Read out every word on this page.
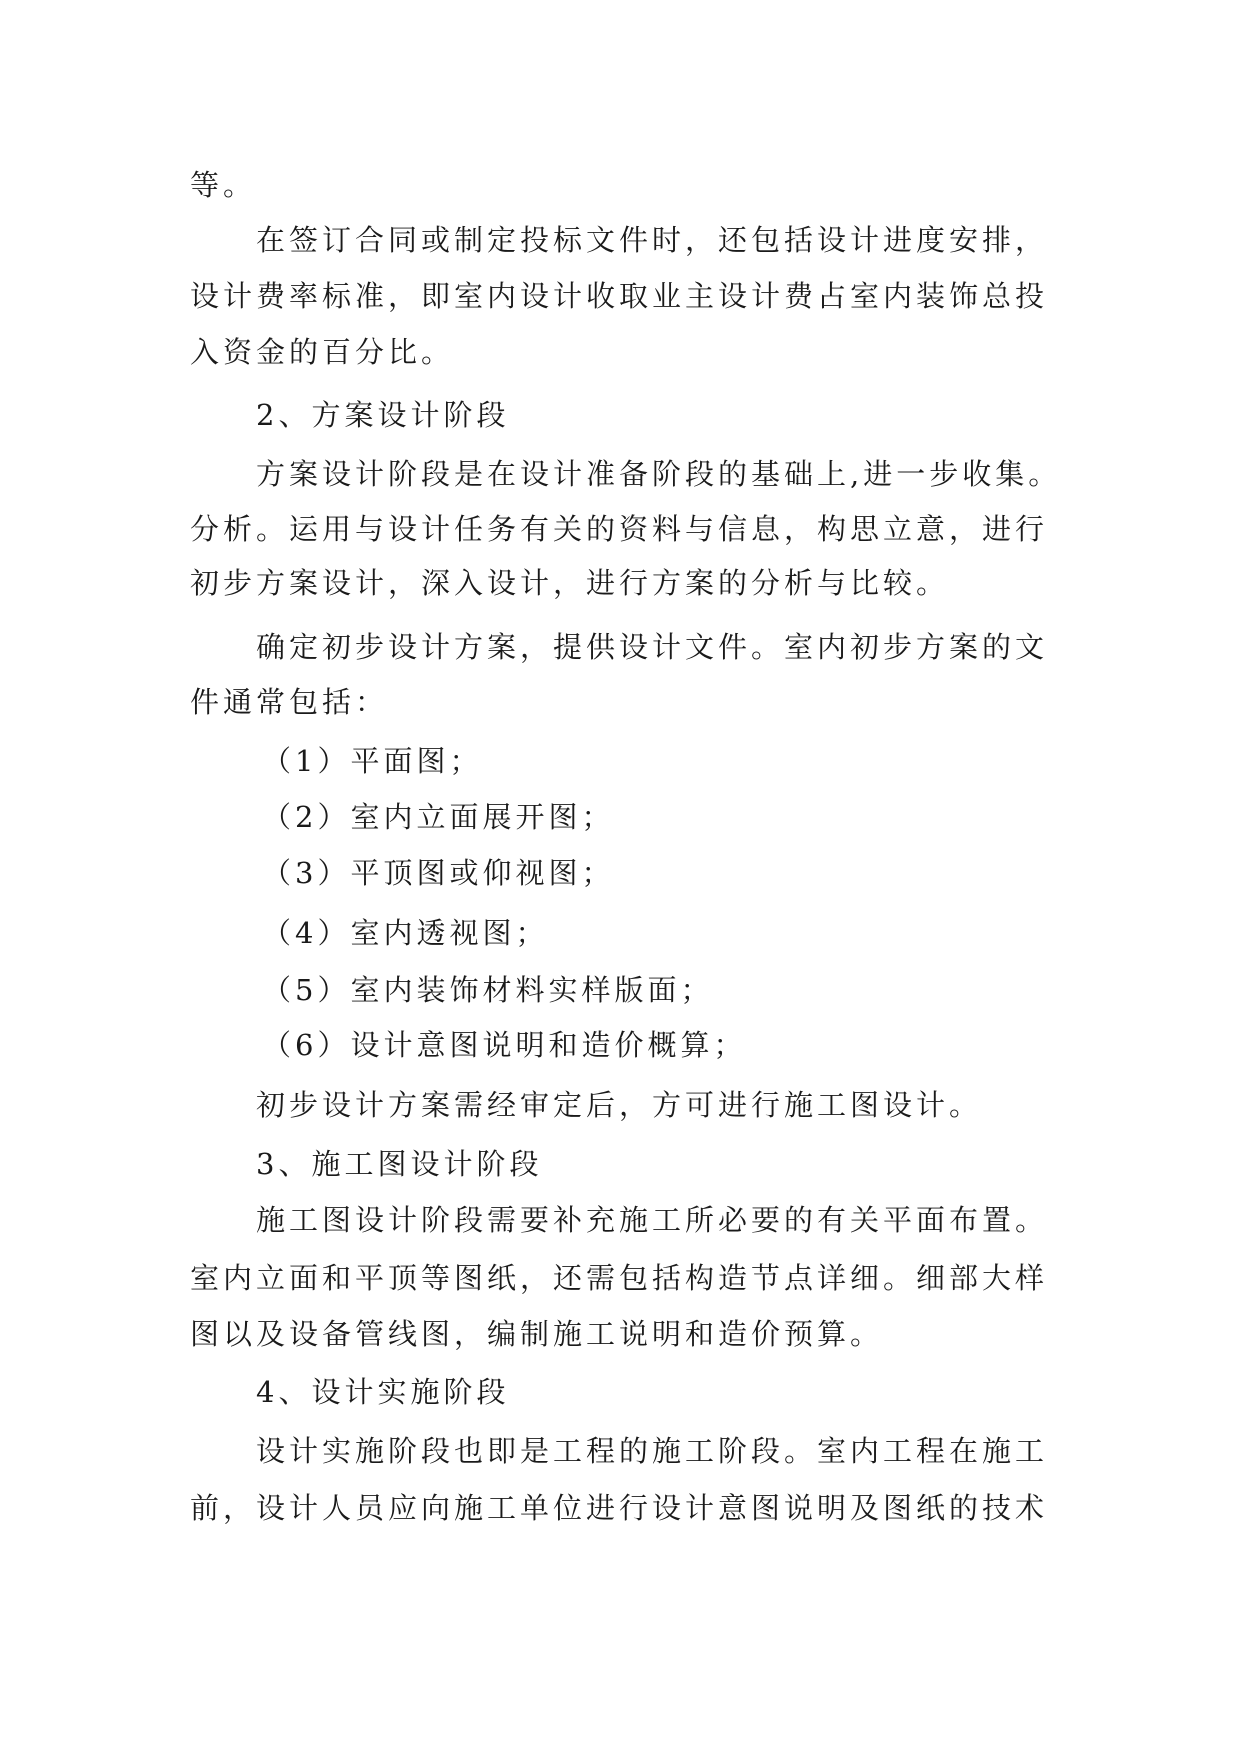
等。

在签订合同或制定投标文件时，还包括设计进度安排，

设计费率标准，即室内设计收取业主设计费占室内装饰总投

入资金的百分比。

2、方案设计阶段

方案设计阶段是在设计准备阶段的基础上,进一步收集。

分析。运用与设计任务有关的资料与信息，构思立意，进行

初步方案设计，深入设计，进行方案的分析与比较。

确定初步设计方案，提供设计文件。室内初步方案的文

件通常包括：

（1）平面图；

（2）室内立面展开图；

（3）平顶图或仰视图；

（4）室内透视图；

（5）室内装饰材料实样版面；

（6）设计意图说明和造价概算；

初步设计方案需经审定后，方可进行施工图设计。

3、施工图设计阶段

施工图设计阶段需要补充施工所必要的有关平面布置。

室内立面和平顶等图纸，还需包括构造节点详细。细部大样

图以及设备管线图，编制施工说明和造价预算。

4、设计实施阶段

设计实施阶段也即是工程的施工阶段。室内工程在施工

前，设计人员应向施工单位进行设计意图说明及图纸的技术
